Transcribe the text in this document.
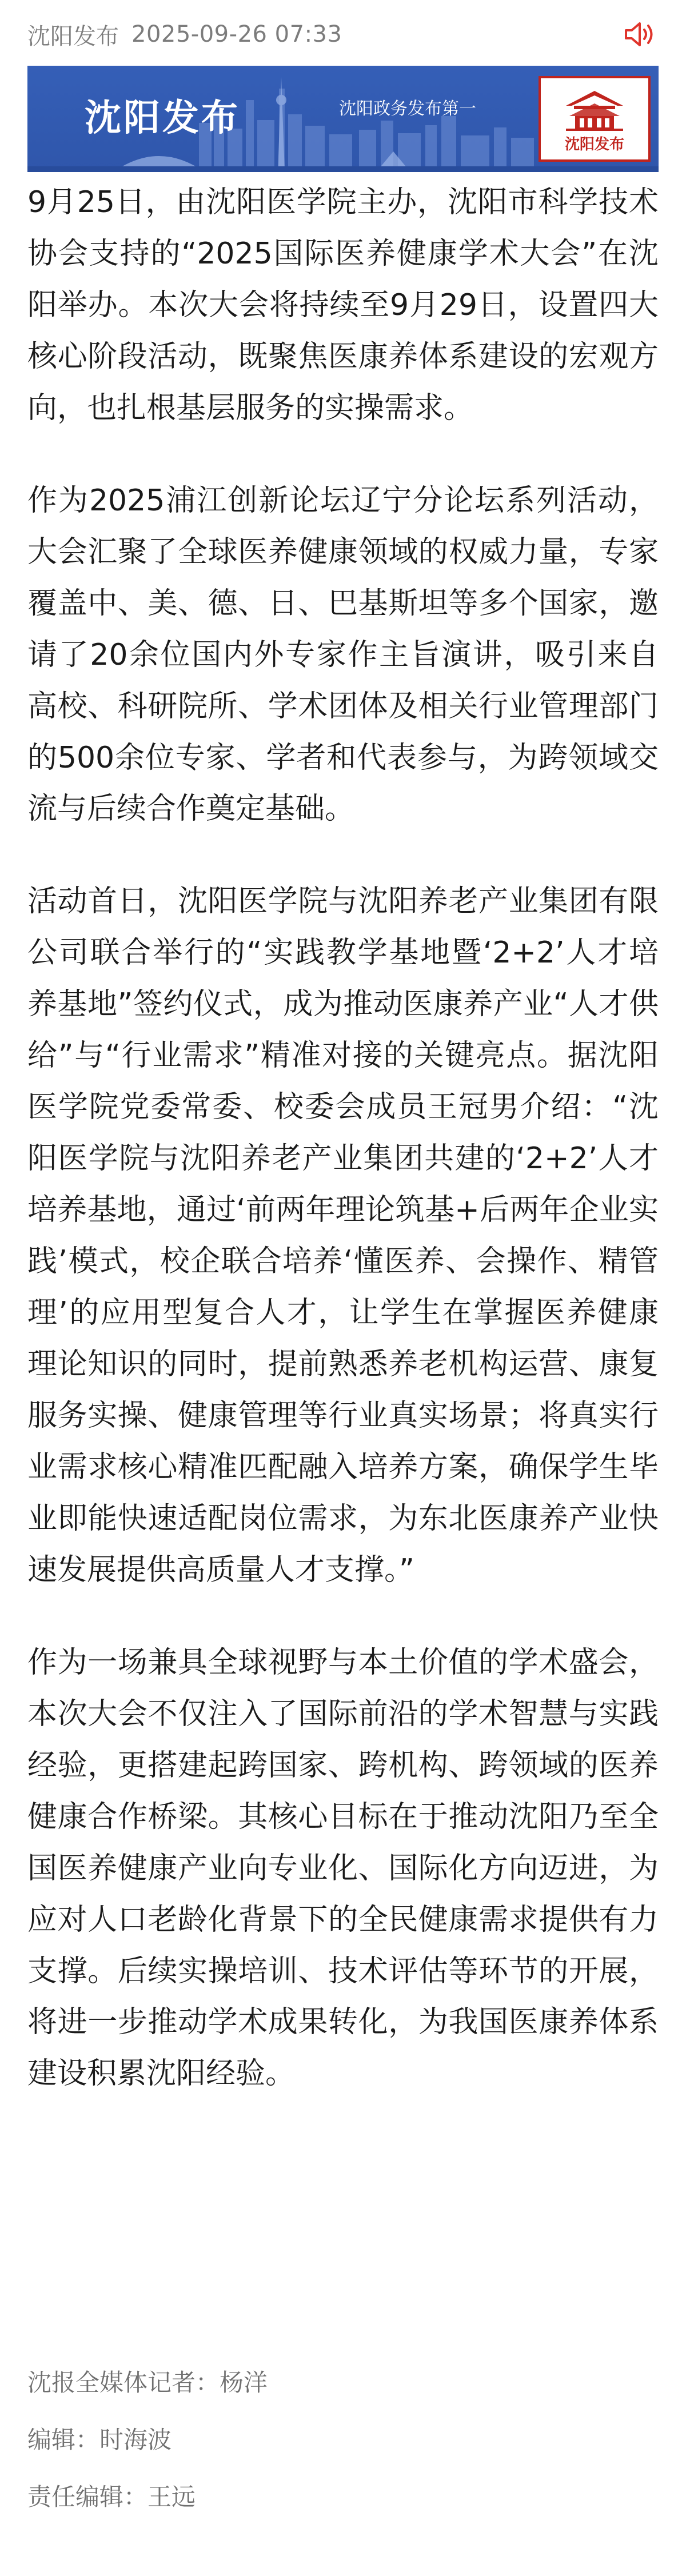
沈阳发布 2025-09-26 07:33
沈阳发布	沈阳政务发布第一
沈阳发布

9月25日，由沈阳医学院主办，沈阳市科学技术协会支持的“2025国际医养健康学术大会”在沈阳举办。本次大会将持续至9月29日，设置四大核心阶段活动，既聚焦医康养体系建设的宏观方向，也扎根基层服务的实操需求。

作为2025浦江创新论坛辽宁分论坛系列活动，大会汇聚了全球医养健康领域的权威力量，专家覆盖中、美、德、日、巴基斯坦等多个国家，邀请了20余位国内外专家作主旨演讲，吸引来自高校、科研院所、学术团体及相关行业管理部门的500余位专家、学者和代表参与，为跨领域交流与后续合作奠定基础。

活动首日，沈阳医学院与沈阳养老产业集团有限公司联合举行的“实践教学基地暨‘2+2’人才培养基地”签约仪式，成为推动医康养产业“人才供给”与“行业需求”精准对接的关键亮点。据沈阳医学院党委常委、校委会成员王冠男介绍：“沈阳医学院与沈阳养老产业集团共建的‘2+2’人才培养基地，通过‘前两年理论筑基+后两年企业实践’模式，校企联合培养‘懂医养、会操作、精管理’的应用型复合人才，让学生在掌握医养健康理论知识的同时，提前熟悉养老机构运营、康复服务实操、健康管理等行业真实场景；将真实行业需求核心精准匹配融入培养方案，确保学生毕业即能快速适配岗位需求，为东北医康养产业快速发展提供高质量人才支撑。”

作为一场兼具全球视野与本土价值的学术盛会，本次大会不仅注入了国际前沿的学术智慧与实践经验，更搭建起跨国家、跨机构、跨领域的医养健康合作桥梁。其核心目标在于推动沈阳乃至全国医养健康产业向专业化、国际化方向迈进，为应对人口老龄化背景下的全民健康需求提供有力支撑。后续实操培训、技术评估等环节的开展，将进一步推动学术成果转化，为我国医康养体系建设积累沈阳经验。

沈报全媒体记者：杨洋
编辑：时海波
责任编辑：王远
